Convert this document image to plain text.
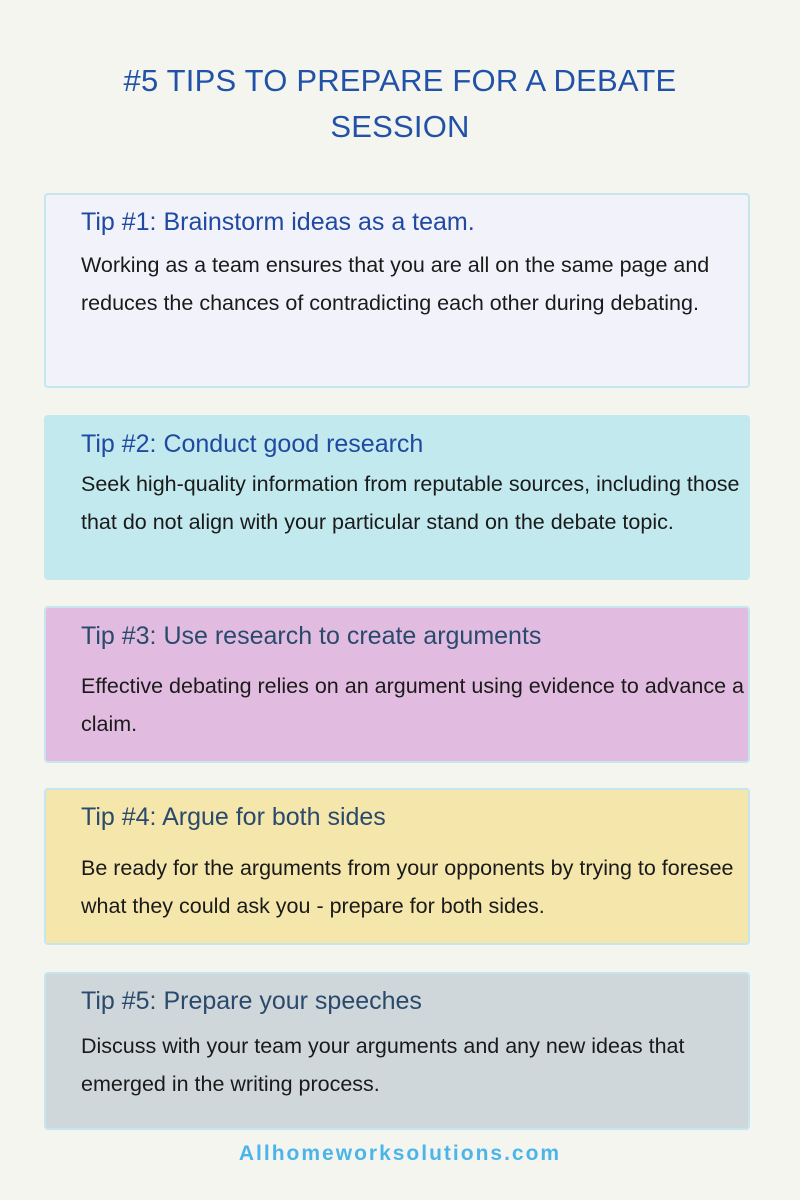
#5 TIPS TO PREPARE FOR A DEBATE SESSION
Tip #1: Brainstorm ideas as a team.

Working as a team ensures that you are all on the same page and reduces the chances of contradicting each other during debating.

Tip #2: Conduct good research

Seek high-quality information from reputable sources, including those that do not align with your particular stand on the debate topic.

Tip #3: Use research to create arguments

Effective debating relies on an argument using evidence to advance a claim.

Tip #4: Argue for both sides

Be ready for the arguments from your opponents by trying to foresee what they could ask you - prepare for both sides.

Tip #5: Prepare your speeches

Discuss with your team your arguments and any new ideas that emerged in the writing process.

Allhomeworksolutions.com
